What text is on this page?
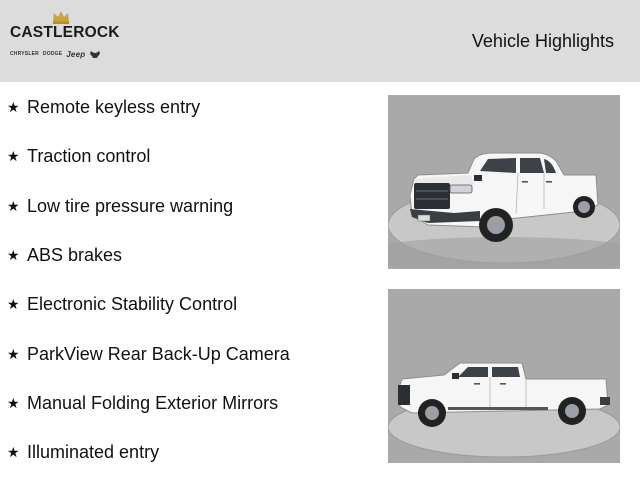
CASTLEROCK
CHRYSLER DODGE Jeep
Vehicle Highlights
★ Remote keyless entry
★ Traction control
★ Low tire pressure warning
★ ABS brakes
★ Electronic Stability Control
★ ParkView Rear Back-Up Camera
★ Manual Folding Exterior Mirrors
★ Illuminated entry
